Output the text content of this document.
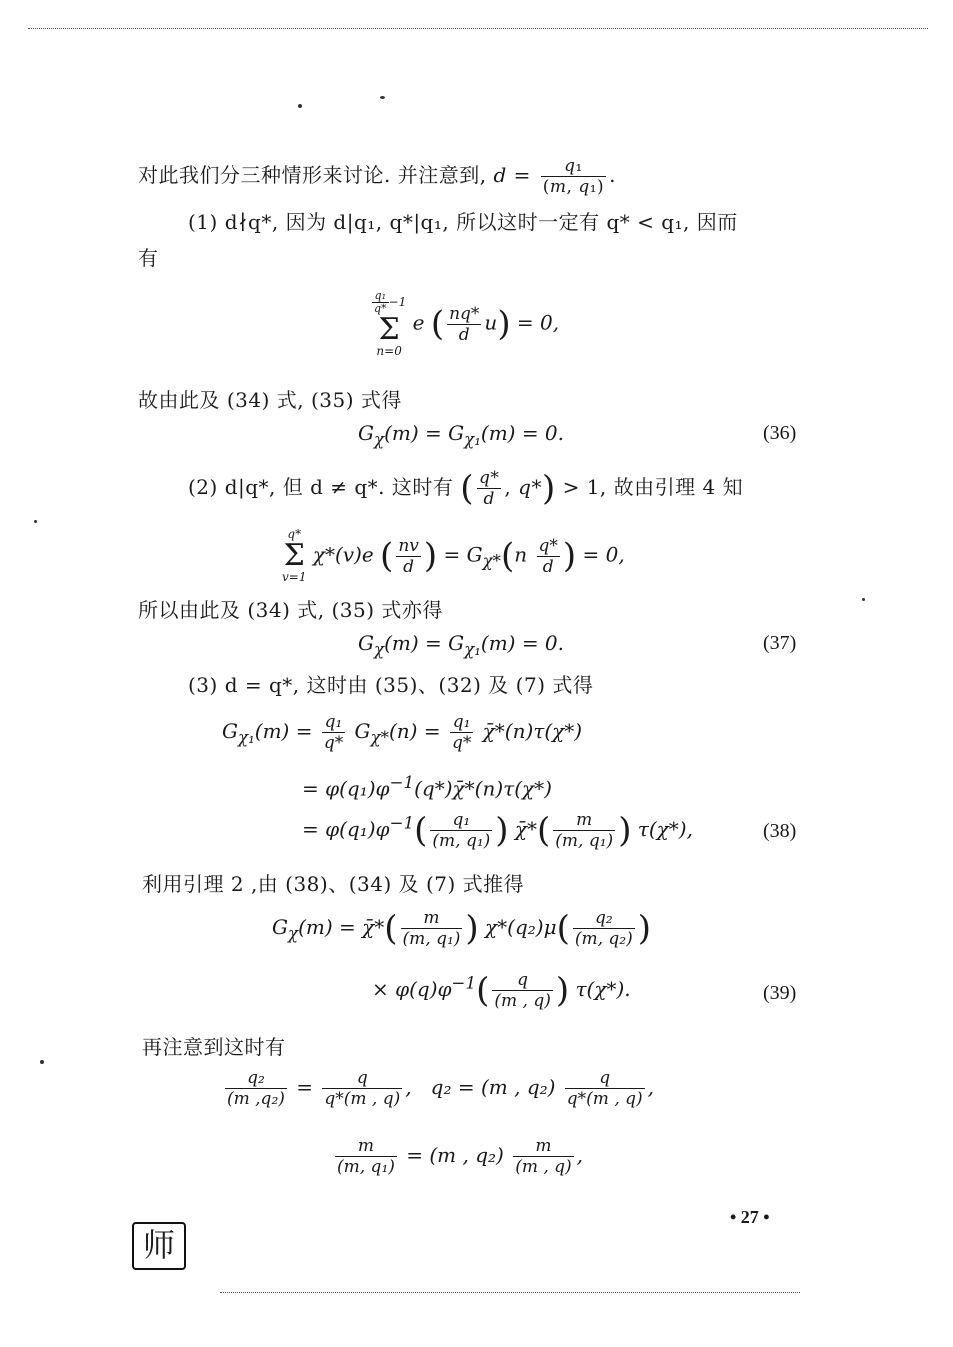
对此我们分三种情形来讨论. 并注意到, $d = \frac{\text{q₁}}{\text{(m, q₁)}}$ .
(1) d∤q*, 因为 d|q₁, q*|q₁, 所以这时一定有 q* < q₁, 因而
有
$\frac{\text{q₁}}{q*} -1$
Σ
n=0
e ( $\frac{nq*}{d} u) = 0$,
故由此及 (34) 式, (35) 式得
$G_\chi(m) = G_{\chi_1}(m) = 0$.	(36)
(2) d|q*, 但 d ≠ q*. 这时有 ( $\frac{q*}{d}$ , q*) > 1, 故由引理 4 知
q*
Σ
v=1
χ*(v)e ( $\frac{nv}{d}$ ) = $G_{\chi*}(n \frac{q*}{d}$ ) = 0,
所以由此及 (34) 式, (35) 式亦得
$G_\chi(m) = G_{\chi_1}(m) = 0$.	(37)
(3) d = q*, 这时由 (35)、(32) 及 (7) 式得
$G_{\chi_1}(m) = \frac{\text{q₁}}{q*} G_{\chi*}(n) = \frac{\text{q₁}}{q*}$ χ̄*(n)τ(χ*)
= $\varphi(q_1)\varphi^{-1}(q*)\chī*(n)\tau(\chi*)$
= $\varphi(q_1)\varphi^{-1}( \frac{\text{q₁}}{\text{(m, q₁)}}$ ) χ̄*( $\frac{m}{\text{(m, q₁)}}$ ) τ(χ*),	(38)
利用引理 2 ,由 (38)、(34) 及 (7) 式推得
$G_\chi(m)$ = χ̄*( $\frac{m}{\text{(m, q₁)}}$ ) $\chi*(q_2)\mu( \frac{\text{q₂}}{\text{(m, q₂)}}$ )
× $\varphi(q)\varphi^{-1}( \frac{q}{(m , q)}$ ) τ(χ*).	(39)
再注意到这时有
$\frac{\text{q₂}}{\text{(m ,q₂)}} = \frac{q}{q*(m , q)}$ ,   q₂ = (m , $q_2) \frac{q}{q*(m , q)}$ ,
$\frac{m}{\text{(m, q₁)}} = (m$ , $q_2) \frac{m}{(m , q)}$ ,
• 27 •
师
